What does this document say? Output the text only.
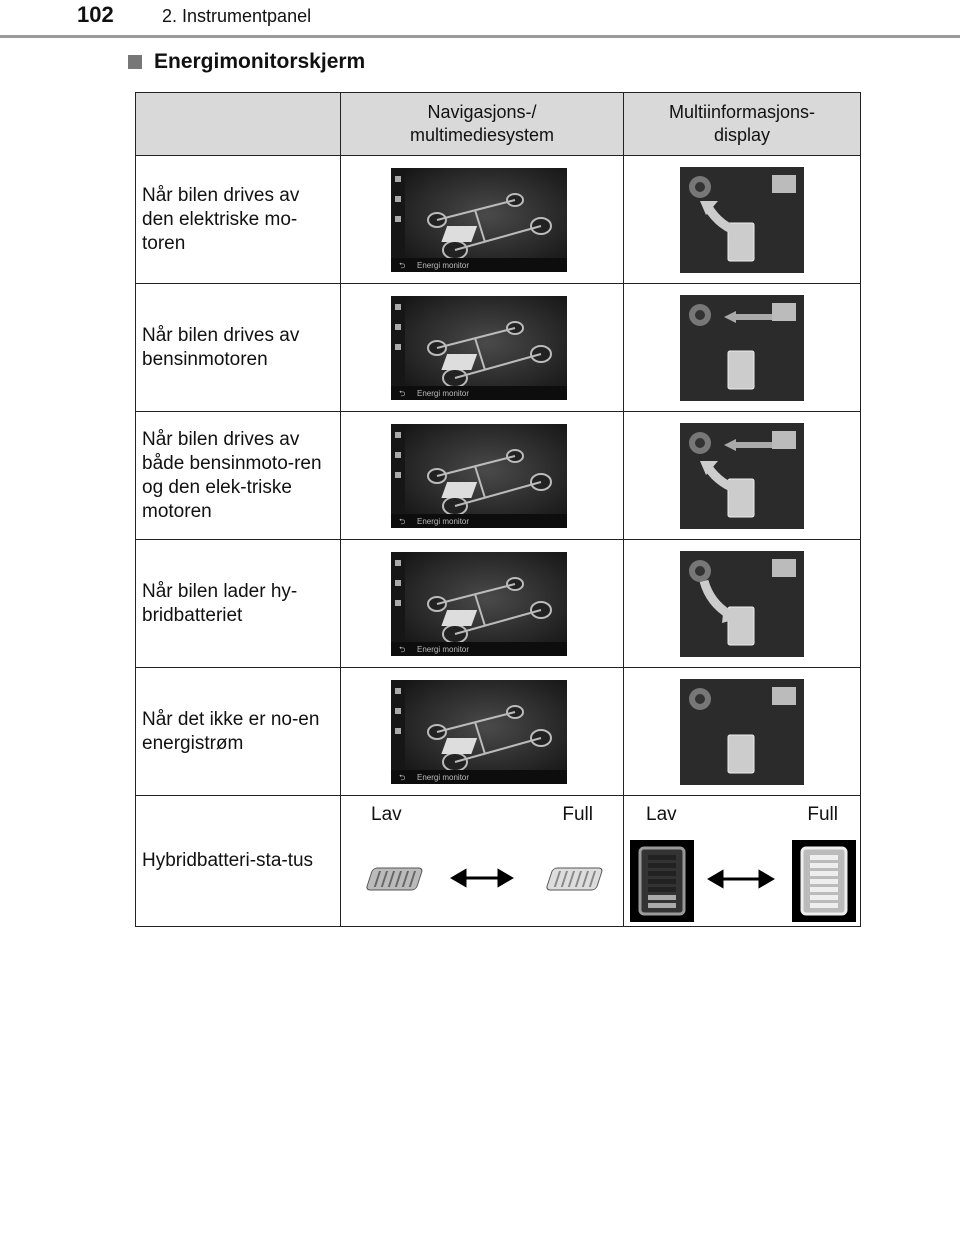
102	2. Instrumentpanel
Energimonitorskjerm

	Navigasjons-/ multimediesystem	Multiinformasjons-display

Når bilen drives av den elektriske mo-toren	⮌ Energi monitor

Når bilen drives av bensinmotoren	⮌ Energi monitor

Når bilen drives av både bensinmoto-ren og den elek-triske motoren	⮌ Energi monitor

Når bilen lader hy-bridbatteriet	⮌ Energi monitor

Når det ikke er no-en energistrøm	⮌ Energi monitor

Hybridbatteri-sta-tus	Lav Full	Lav Full
